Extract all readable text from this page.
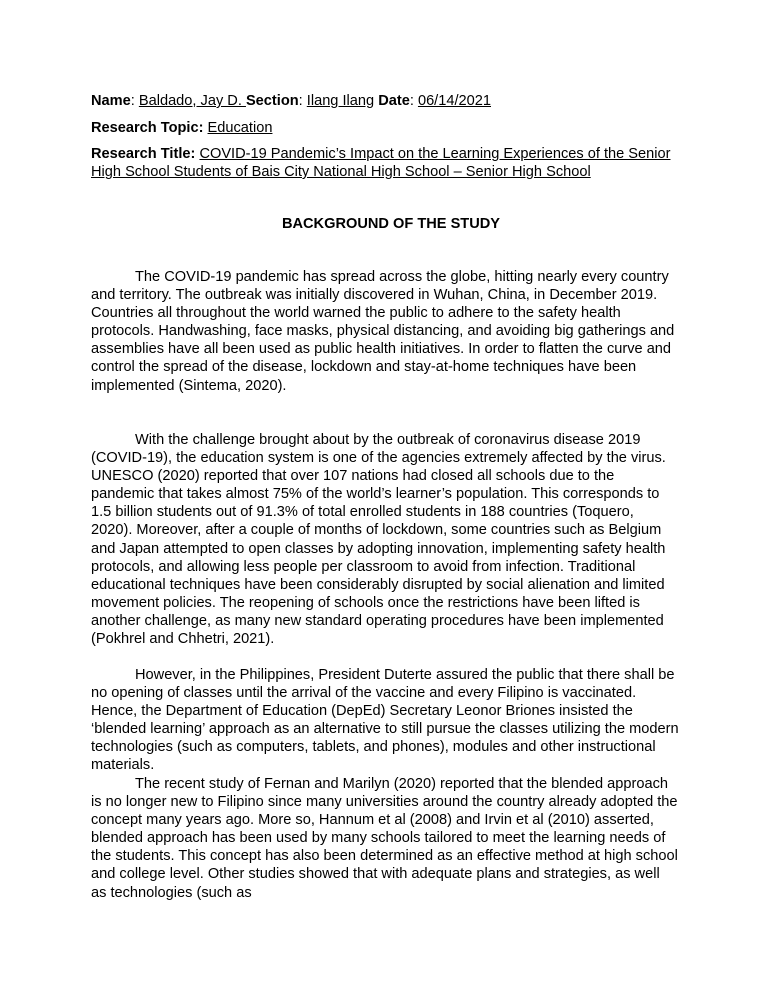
Name: Baldado, Jay D. Section: Ilang Ilang Date: 06/14/2021
Research Topic: Education
Research Title: COVID-19 Pandemic’s Impact on the Learning Experiences of the Senior High School Students of Bais City National High School – Senior High School
BACKGROUND OF THE STUDY

The COVID-19 pandemic has spread across the globe, hitting nearly every country and territory. The outbreak was initially discovered in Wuhan, China, in December 2019. Countries all throughout the world warned the public to adhere to the safety health protocols. Handwashing, face masks, physical distancing, and avoiding big gatherings and assemblies have all been used as public health initiatives. In order to flatten the curve and control the spread of the disease, lockdown and stay-at-home techniques have been implemented (Sintema, 2020).

With the challenge brought about by the outbreak of coronavirus disease 2019 (COVID-19), the education system is one of the agencies extremely affected by the virus. UNESCO (2020) reported that over 107 nations had closed all schools due to the pandemic that takes almost 75% of the world’s learner’s population. This corresponds to 1.5 billion students out of 91.3% of total enrolled students in 188 countries (Toquero, 2020). Moreover, after a couple of months of lockdown, some countries such as Belgium and Japan attempted to open classes by adopting innovation, implementing safety health protocols, and allowing less people per classroom to avoid from infection. Traditional educational techniques have been considerably disrupted by social alienation and limited movement policies. The reopening of schools once the restrictions have been lifted is another challenge, as many new standard operating procedures have been implemented (Pokhrel and Chhetri, 2021).

However, in the Philippines, President Duterte assured the public that there shall be no opening of classes until the arrival of the vaccine and every Filipino is vaccinated. Hence, the Department of Education (DepEd) Secretary Leonor Briones insisted the ‘blended learning’ approach as an alternative to still pursue the classes utilizing the modern technologies (such as computers, tablets, and phones), modules and other instructional materials.

The recent study of Fernan and Marilyn (2020) reported that the blended approach is no longer new to Filipino since many universities around the country already adopted the concept many years ago. More so, Hannum et al (2008) and Irvin et al (2010) asserted, blended approach has been used by many schools tailored to meet the learning needs of the students. This concept has also been determined as an effective method at high school and college level. Other studies showed that with adequate plans and strategies, as well as technologies (such as
